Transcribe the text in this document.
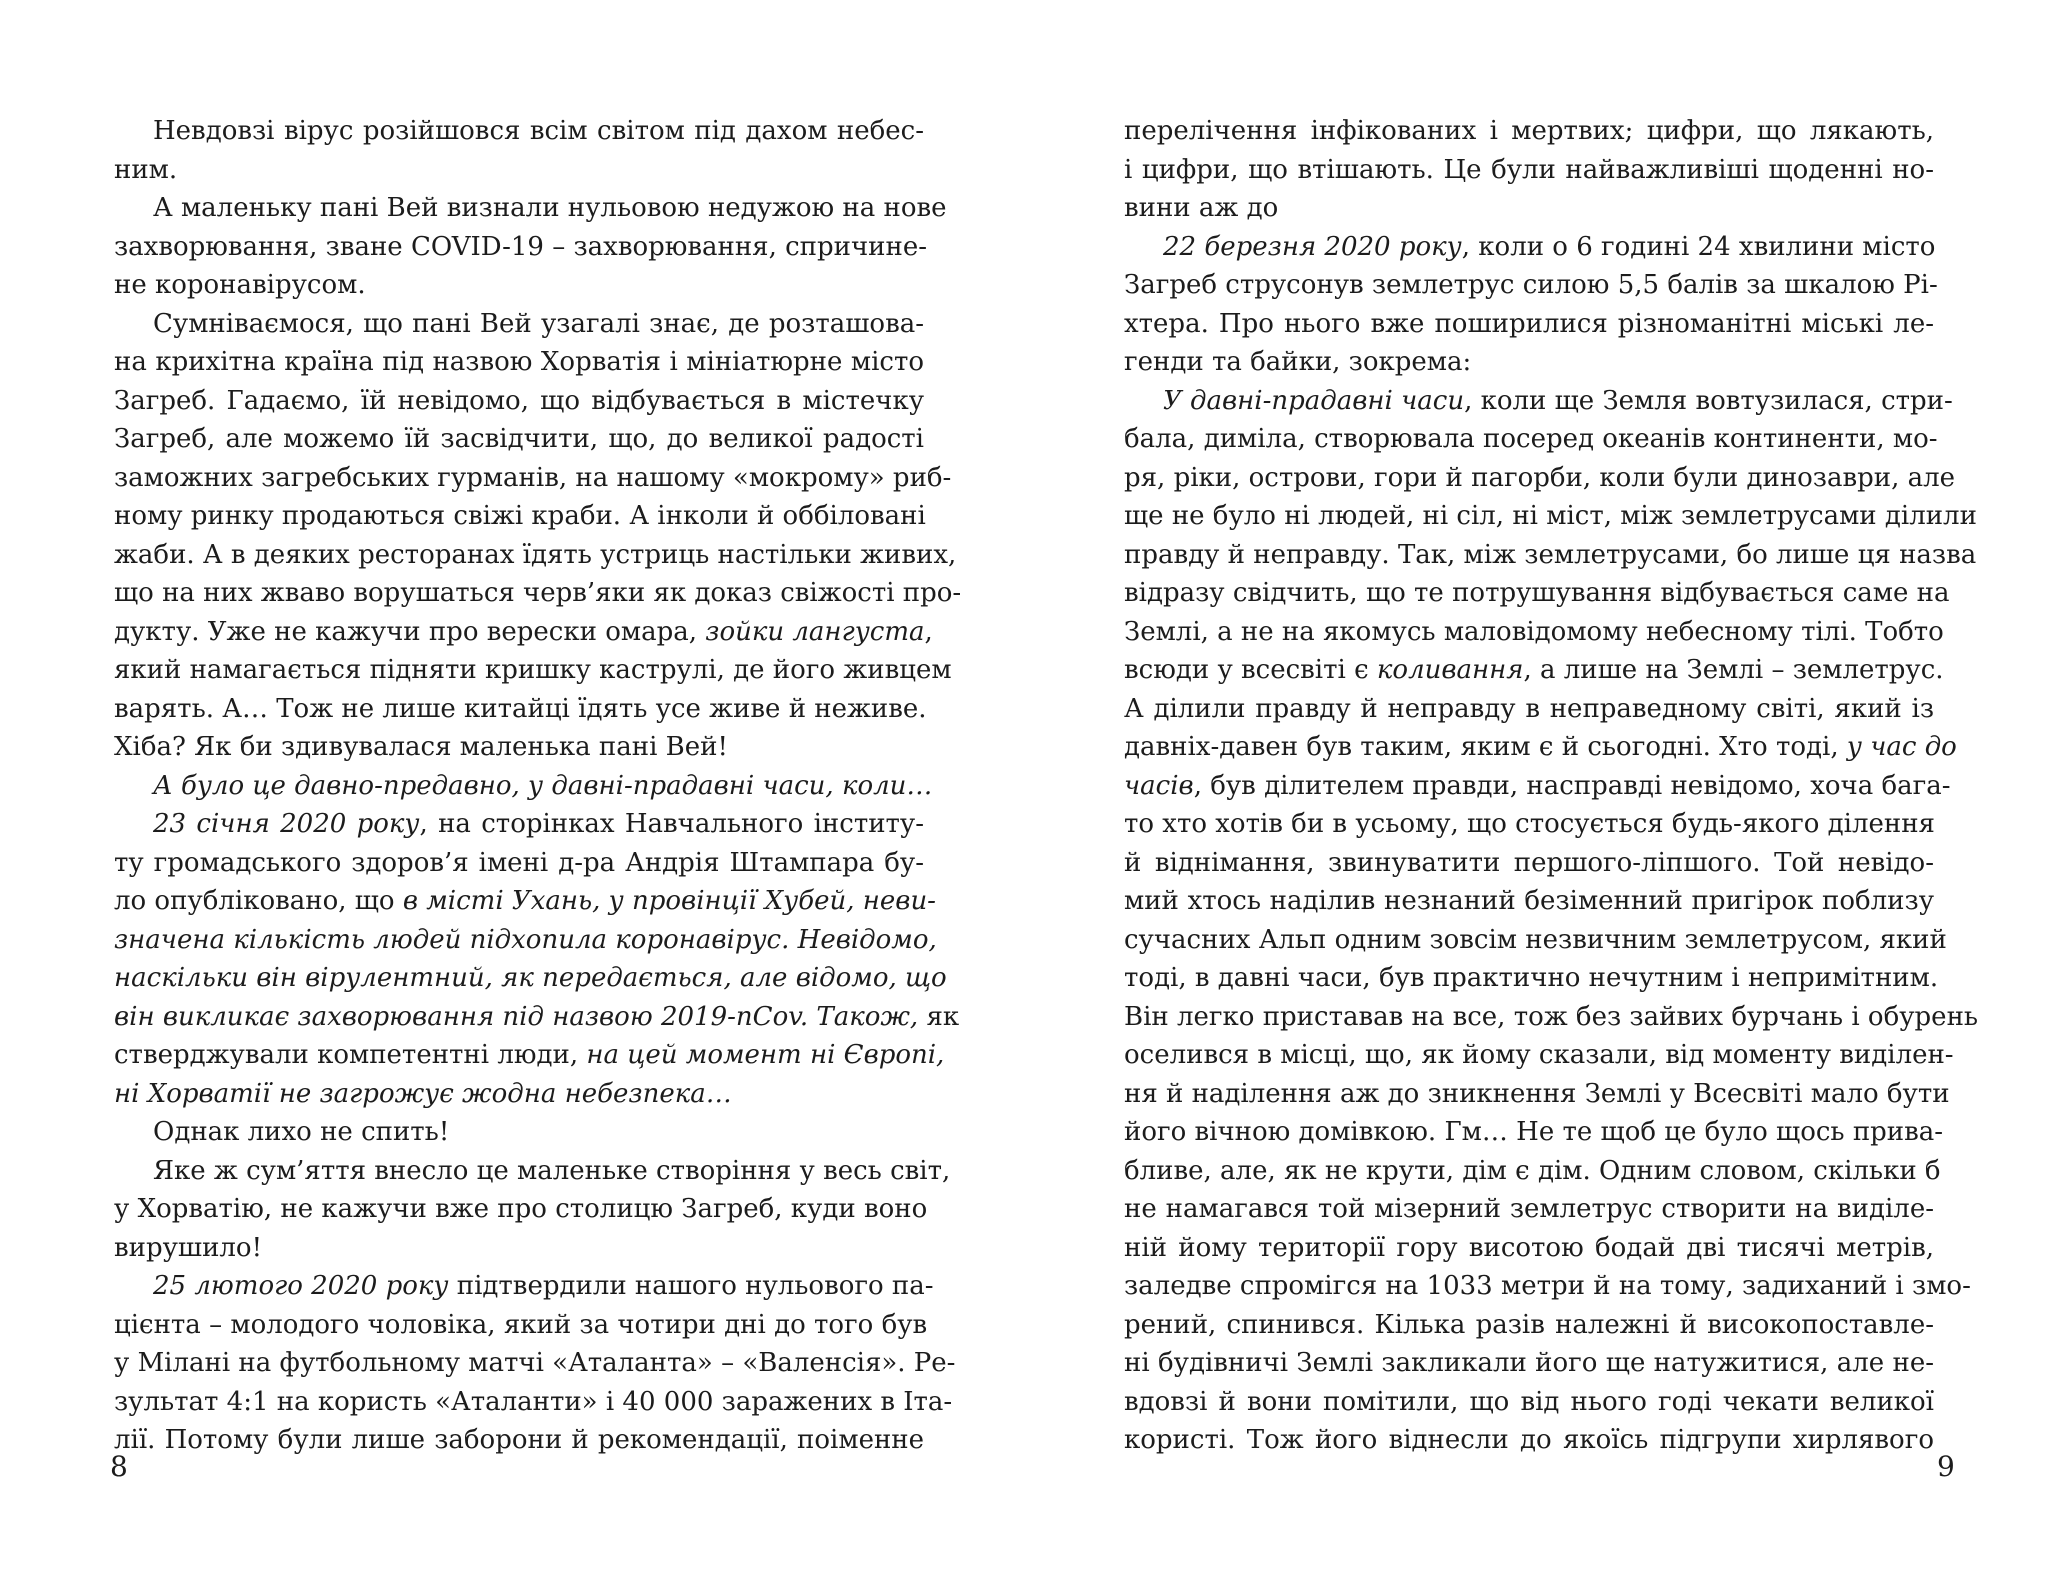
Невдовзі вірус розійшовся всім світом під дахом небес-
ним.
А маленьку пані Вей визнали нульовою недужою на нове
захворювання, зване COVID-19 – захворювання, спричине-
не коронавірусом.
Сумніваємося, що пані Вей узагалі знає, де розташова-
на крихітна країна під назвою Хорватія і мініатюрне місто
Загреб. Гадаємо, їй невідомо, що відбувається в містечку
Загреб, але можемо їй засвідчити, що, до великої радості
заможних загребських гурманів, на нашому «мокрому» риб-
ному ринку продаються свіжі краби. А інколи й оббіловані
жаби. А в деяких ресторанах їдять устриць настільки живих,
що на них жваво ворушаться черв’яки як доказ свіжості про-
дукту. Уже не кажучи про верески омара, зойки лангуста,
який намагається підняти кришку каструлі, де його живцем
варять. А… Тож не лише китайці їдять усе живе й неживе.
Хіба? Як би здивувалася маленька пані Вей!
А було це давно-предавно, у давні-прадавні часи, коли…
23 січня 2020 року, на сторінках Навчального інститу-
ту громадського здоров’я імені д-ра Андрія Штампара бу-
ло опубліковано, що в місті Ухань, у провінції Хубей, неви-
значена кількість людей підхопила коронавірус. Невідомо,
наскільки він вірулентний, як передається, але відомо, що
він викликає захворювання під назвою 2019-nCov. Також, як
стверджували компетентні люди, на цей момент ні Європі,
ні Хорватії не загрожує жодна небезпека…
Однак лихо не спить!
Яке ж сум’яття внесло це маленьке створіння у весь світ,
у Хорватію, не кажучи вже про столицю Загреб, куди воно
вирушило!
25 лютого 2020 року підтвердили нашого нульового па-
цієнта – молодого чоловіка, який за чотири дні до того був
у Мілані на футбольному матчі «Аталанта» – «Валенсія». Ре-
зультат 4:1 на користь «Аталанти» і 40 000 заражених в Іта-
лії. Потому були лише заборони й рекомендації, поіменне
8
перелічення інфікованих і мертвих; цифри, що лякають,
і цифри, що втішають. Це були найважливіші щоденні но-
вини аж до
22 березня 2020 року, коли о 6 годині 24 хвилини місто
Загреб струсонув землетрус силою 5,5 балів за шкалою Рі-
хтера. Про нього вже поширилися різноманітні міські ле-
генди та байки, зокрема:
У давні-прадавні часи, коли ще Земля вовтузилася, стри-
бала, диміла, створювала посеред океанів континенти, мо-
ря, ріки, острови, гори й пагорби, коли були динозаври, але
ще не було ні людей, ні сіл, ні міст, між землетрусами ділили
правду й неправду. Так, між землетрусами, бо лише ця назва
відразу свідчить, що те потрушування відбувається саме на
Землі, а не на якомусь маловідомому небесному тілі. Тобто
всюди у всесвіті є коливання, а лише на Землі – землетрус.
А ділили правду й неправду в неправедному світі, який із
давніх-давен був таким, яким є й сьогодні. Хто тоді, у час до
часів, був ділителем правди, насправді невідомо, хоча бага-
то хто хотів би в усьому, що стосується будь-якого ділення
й віднімання, звинуватити першого-ліпшого. Той невідо-
мий хтось наділив незнаний безіменний пригірок поблизу
сучасних Альп одним зовсім незвичним землетрусом, який
тоді, в давні часи, був практично нечутним і непримітним.
Він легко приставав на все, тож без зайвих бурчань і обурень
оселився в місці, що, як йому сказали, від моменту виділен-
ня й наділення аж до зникнення Землі у Всесвіті мало бути
його вічною домівкою. Гм… Не те щоб це було щось прива-
бливе, але, як не крути, дім є дім. Одним словом, скільки б
не намагався той мізерний землетрус створити на виділе-
ній йому території гору висотою бодай дві тисячі метрів,
заледве спромігся на 1033 метри й на тому, задиханий і змо-
рений, спинився. Кілька разів належні й високопоставле-
ні будівничі Землі закликали його ще натужитися, але не-
вдовзі й вони помітили, що від нього годі чекати великої
користі. Тож його віднесли до якоїсь підгрупи хирлявого
9
